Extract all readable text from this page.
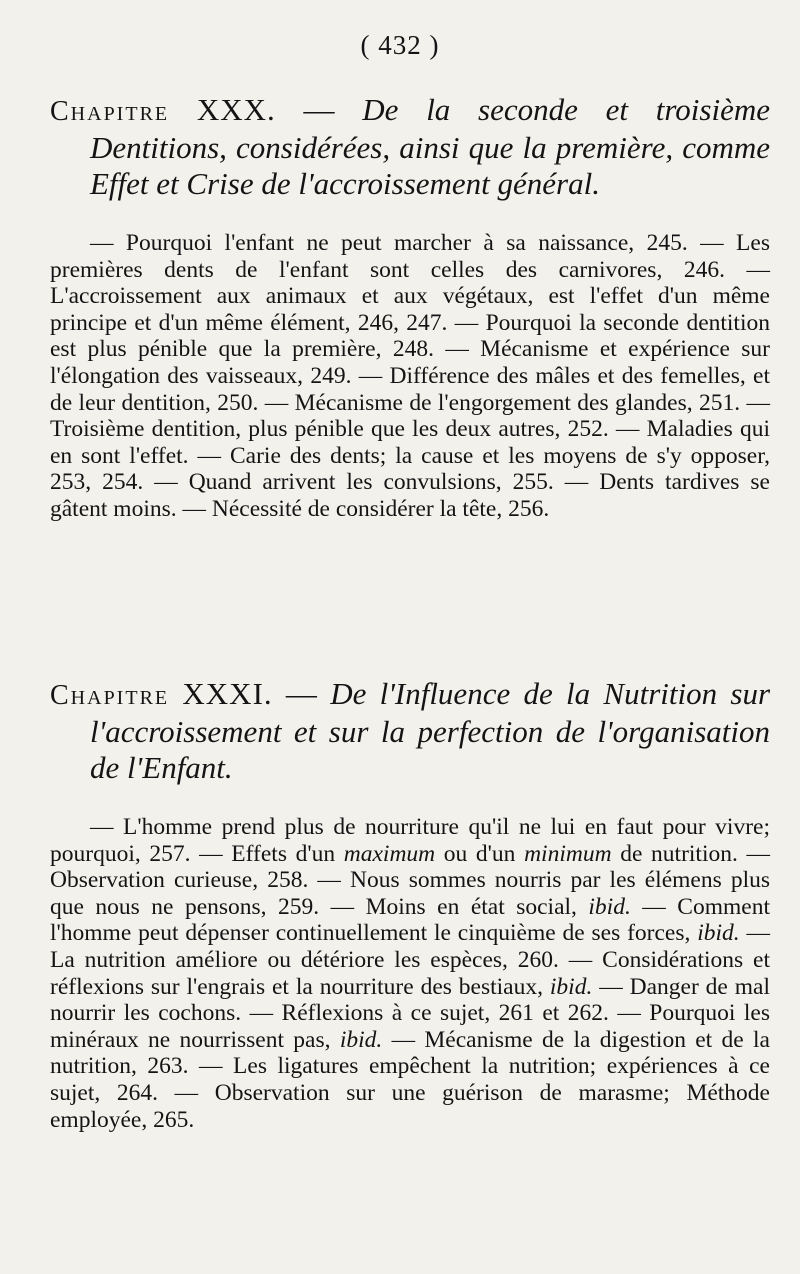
( 432 )
Chapitre XXX. — De la seconde et troisième Dentitions, considérées, ainsi que la première, comme Effet et Crise de l'accroissement général.
— Pourquoi l'enfant ne peut marcher à sa naissance, 245. — Les premières dents de l'enfant sont celles des carnivores, 246. — L'accroissement aux animaux et aux végétaux, est l'effet d'un même principe et d'un même élément, 246, 247. — Pourquoi la seconde dentition est plus pénible que la première, 248. — Mécanisme et expérience sur l'élongation des vaisseaux, 249. — Différence des mâles et des femelles, et de leur dentition, 250. — Mécanisme de l'engorgement des glandes, 251. — Troisième dentition, plus pénible que les deux autres, 252. — Maladies qui en sont l'effet. — Carie des dents; la cause et les moyens de s'y opposer, 253, 254. — Quand arrivent les convulsions, 255. — Dents tardives se gâtent moins. — Nécessité de considérer la tête, 256.
Chapitre XXXI. — De l'Influence de la Nutrition sur l'accroissement et sur la perfection de l'organisation de l'Enfant.
— L'homme prend plus de nourriture qu'il ne lui en faut pour vivre; pourquoi, 257. — Effets d'un maximum ou d'un minimum de nutrition. — Observation curieuse, 258. — Nous sommes nourris par les élémens plus que nous ne pensons, 259. — Moins en état social, ibid. — Comment l'homme peut dépenser continuellement le cinquième de ses forces, ibid. — La nutrition améliore ou détériore les espèces, 260. — Considérations et réflexions sur l'engrais et la nourriture des bestiaux, ibid. — Danger de mal nourrir les cochons. — Réflexions à ce sujet, 261 et 262. — Pourquoi les minéraux ne nourrissent pas, ibid. — Mécanisme de la digestion et de la nutrition, 263. — Les ligatures empêchent la nutrition; expériences à ce sujet, 264. — Observation sur une guérison de marasme; Méthode employée, 265.
